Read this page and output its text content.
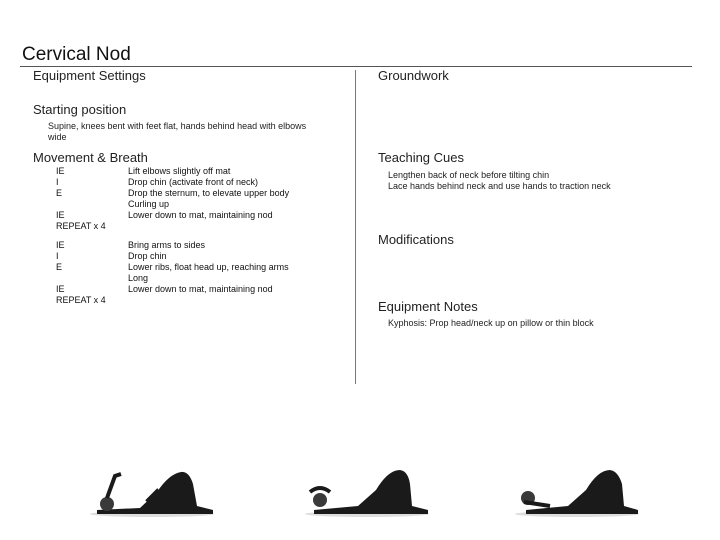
Cervical Nod
Equipment Settings
Starting position
Supine, knees bent with feet flat, hands behind head with elbows
wide
Movement & Breath
IE
I
E
IE
REPEAT x 4
Lift elbows slightly off mat
Drop chin (activate front of neck)
Drop the sternum, to elevate upper body
Curling up
Lower down to mat, maintaining nod
IE
I
E
IE
REPEAT x 4
Bring arms to sides
Drop chin
Lower ribs, float head up, reaching arms
Long
Lower down to mat, maintaining nod
Groundwork
Teaching Cues
Lengthen back of neck before tilting chin
Lace hands behind neck and use hands to traction neck
Modifications
Equipment Notes
Kyphosis: Prop head/neck up on pillow or thin block
